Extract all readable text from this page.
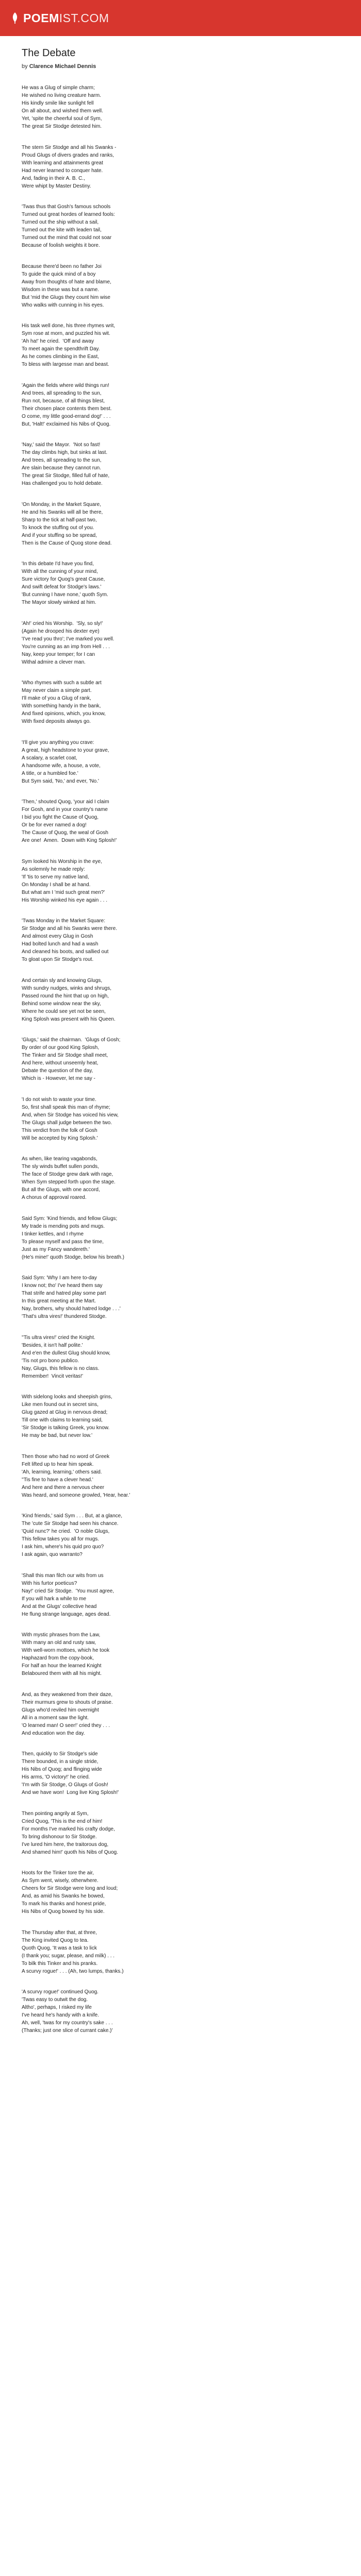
POEMIST.COM
The Debate
by Clarence Michael Dennis
He was a Glug of simple charm;
He wished no living creature harm.
His kindly smile like sunlight fell
On all about, and wished them well.
Yet, 'spite the cheerful soul of Sym,
The great Sir Stodge detested him.
The stern Sir Stodge and all his Swanks -
Proud Glugs of divers grades and ranks,
With learning and attainments great
Had never learned to conquer hate.
And, fading in their A. B. C.,
Were whipt by Master Destiny.
'Twas thus that Gosh's famous schools
Turned out great hordes of learned fools:
Turned out the ship without a sail,
Turned out the kite with leaden tail,
Turned out the mind that could not soar
Because of foolish weights it bore.
Because there'd been no father Joi
To guide the quick mind of a boy
Away from thoughts of hate and blame,
Wisdom in these was but a name.
But 'mid the Glugs they count him wise
Who walks with cunning in his eyes.
His task well done, his three rhymes writ,
Sym rose at morn, and puzzled his wit.
'Ah ha!' he cried.  'Off and away
To meet again the spendthrift Day.
As he comes climbing in the East,
To bless with largesse man and beast.
'Again the fields where wild things run!
And trees, all spreading to the sun,
Run not, because, of all things blest,
Their chosen place contents them best.
O come, my little good-errand dog!' . . .
But, 'Halt!' exclaimed his Nibs of Quog.
'Nay,' said the Mayor.  'Not so fast!
The day climbs high, but sinks at last.
And trees, all spreading to the sun,
Are slain because they cannot run.
The great Sir Stodge, filled full of hate,
Has challenged you to hold debate.
'On Monday, in the Market Square,
He and his Swanks will all be there,
Sharp to the tick at half-past two,
To knock the stuffing out of you.
And if your stuffing so be spread,
Then is the Cause of Quog stone dead.
'In this debate I'd have you find,
With all the cunning of your mind,
Sure victory for Quog's great Cause,
And swift defeat for Stodge's laws.'
'But cunning I have none,' quoth Sym.
The Mayor slowly winked at him.
'Ah!' cried his Worship.  'Sly, so sly!'
(Again he drooped his dexter eye)
'I've read you thro'; I've marked you well.
You're cunning as an imp from Hell . . .
Nay, keep your temper; for I can
Withal admire a clever man.
'Who rhymes with such a subtle art
May never claim a simple part.
I'll make of you a Glug of rank,
With something handy in the bank,
And fixed opinions, which, you know,
With fixed deposits always go.
'I'll give you anything you crave:
A great, high headstone to your grave,
A scalary, a scarlet coat,
A handsome wife, a house, a vote,
A title, or a humbled foe.'
But Sym said, 'No,' and ever, 'No.'
'Then,' shouted Quog, 'your aid I claim
For Gosh, and in your country's name
I bid you fight the Cause of Quog,
Or be for ever named a dog!
The Cause of Quog, the weal of Gosh
Are one!  Amen.  Down with King Splosh!'
Sym looked his Worship in the eye,
As solemnly he made reply:
'If 'tis to serve my native land,
On Monday I shall be at hand.
But what am I 'mid such great men?'
His Worship winked his eye again . . .
'Twas Monday in the Market Square:
Sir Stodge and all his Swanks were there.
And almost every Glug in Gosh
Had bolted lunch and had a wash
And cleaned his boots, and sallied out
To gloat upon Sir Stodge's rout.
And certain sly and knowing Glugs,
With sundry nudges, winks and shrugs,
Passed round the hint that up on high,
Behind some window near the sky,
Where he could see yet not be seen,
King Splosh was present with his Queen.
'Glugs,' said the chairman.  'Glugs of Gosh;
By order of our good King Splosh,
The Tinker and Sir Stodge shall meet,
And here, without unseemly heat,
Debate the question of the day,
Which is - However, let me say -
'I do not wish to waste your time.
So, first shall speak this man of rhyme;
And, when Sir Stodge has voiced his view,
The Glugs shall judge between the two.
This verdict from the folk of Gosh
Will be accepted by King Splosh.'
As when, like tearing vagabonds,
The sly winds buffet sullen ponds,
The face of Stodge grew dark with rage,
When Sym stepped forth upon the stage.
But all the Glugs, with one accord,
A chorus of approval roared.
Said Sym: 'Kind friends, and fellow Glugs;
My trade is mending pots and mugs.
I tinker kettles, and I rhyme
To please myself and pass the time,
Just as my Fancy wandereth.'
(He's mine!' quoth Stodge, below his breath.)
Said Sym: 'Why I am here to-day
I know not; tho' I've heard them say
That strife and hatred play some part
In this great meeting at the Mart.
Nay, brothers, why should hatred lodge . . .'
'That's ultra vires!' thundered Stodge.
''Tis ultra vires!' cried the Knight.
'Besides, it isn't half polite.'
And e'en the dullest Glug should know,
'Tis not pro bono publico.
Nay, Glugs, this fellow is no class.
Remember!  Vincit veritas!'
With sidelong looks and sheepish grins,
Like men found out in secret sins,
Glug gazed at Glug in nervous dread;
Till one with claims to learning said,
'Sir Stodge is talking Greek, you know.
He may be bad, but never low.'
Then those who had no word of Greek
Felt lifted up to hear him speak.
'Ah, learning, learning,' others said.
''Tis fine to have a clever head.'
And here and there a nervous cheer
Was heard, and someone growled, 'Hear, hear.'
'Kind friends,' said Sym . . . But, at a glance,
The 'cute Sir Stodge had seen his chance.
'Quid nunc?' he cried.  'O noble Glugs,
This fellow takes you all for mugs.
I ask him, where's his quid pro quo?
I ask again, quo warranto?
'Shall this man filch our wits from us
With his furtor poeticus?
Nay!' cried Sir Stodge.  'You must agree,
If you will hark a while to me
And at the Glugs' collective head
He flung strange language, ages dead.
With mystic phrases from the Law,
With many an old and rusty saw,
With well-worn mottoes, which he took
Haphazard from the copy-book,
For half an hour the learned Knight
Belaboured them with all his might.
And, as they weakened from their daze,
Their murmurs grew to shouts of praise.
Glugs who'd reviled him overnight
All in a moment saw the light.
'O learned man! O seer!' cried they . . .
And education won the day.
Then, quickly to Sir Stodge's side
There bounded, in a single stride,
His Nibs of Quog; and flinging wide
His arms, 'O victory!' he cried.
'I'm with Sir Stodge, O Glugs of Gosh!
And we have won!  Long live King Splosh!'
Then pointing angrily at Sym,
Cried Quog, 'This is the end of him!
For months I've marked his crafty dodge,
To bring dishonour to Sir Stodge.
I've lured him here, the traitorous dog,
And shamed him!' quoth his Nibs of Quog.
Hoots for the Tinker tore the air,
As Sym went, wisely, otherwhere.
Cheers for Sir Stodge were long and loud;
And, as amid his Swanks he bowed,
To mark his thanks and honest pride,
His Nibs of Quog bowed by his side.
The Thursday after that, at three,
The King invited Quog to tea.
Quoth Quog, 'It was a task to lick
(I thank you; sugar, please, and milk) . . .
To bilk this Tinker and his pranks.
A scurvy rogue!' . . . (Ah, two lumps, thanks.)
'A scurvy rogue!' continued Quog.
'Twas easy to outwit the dog.
Altho', perhaps, I risked my life
I've heard he's handy with a knife.
Ah, well, 'twas for my country's sake . . .
(Thanks; just one slice of currant cake.)'
